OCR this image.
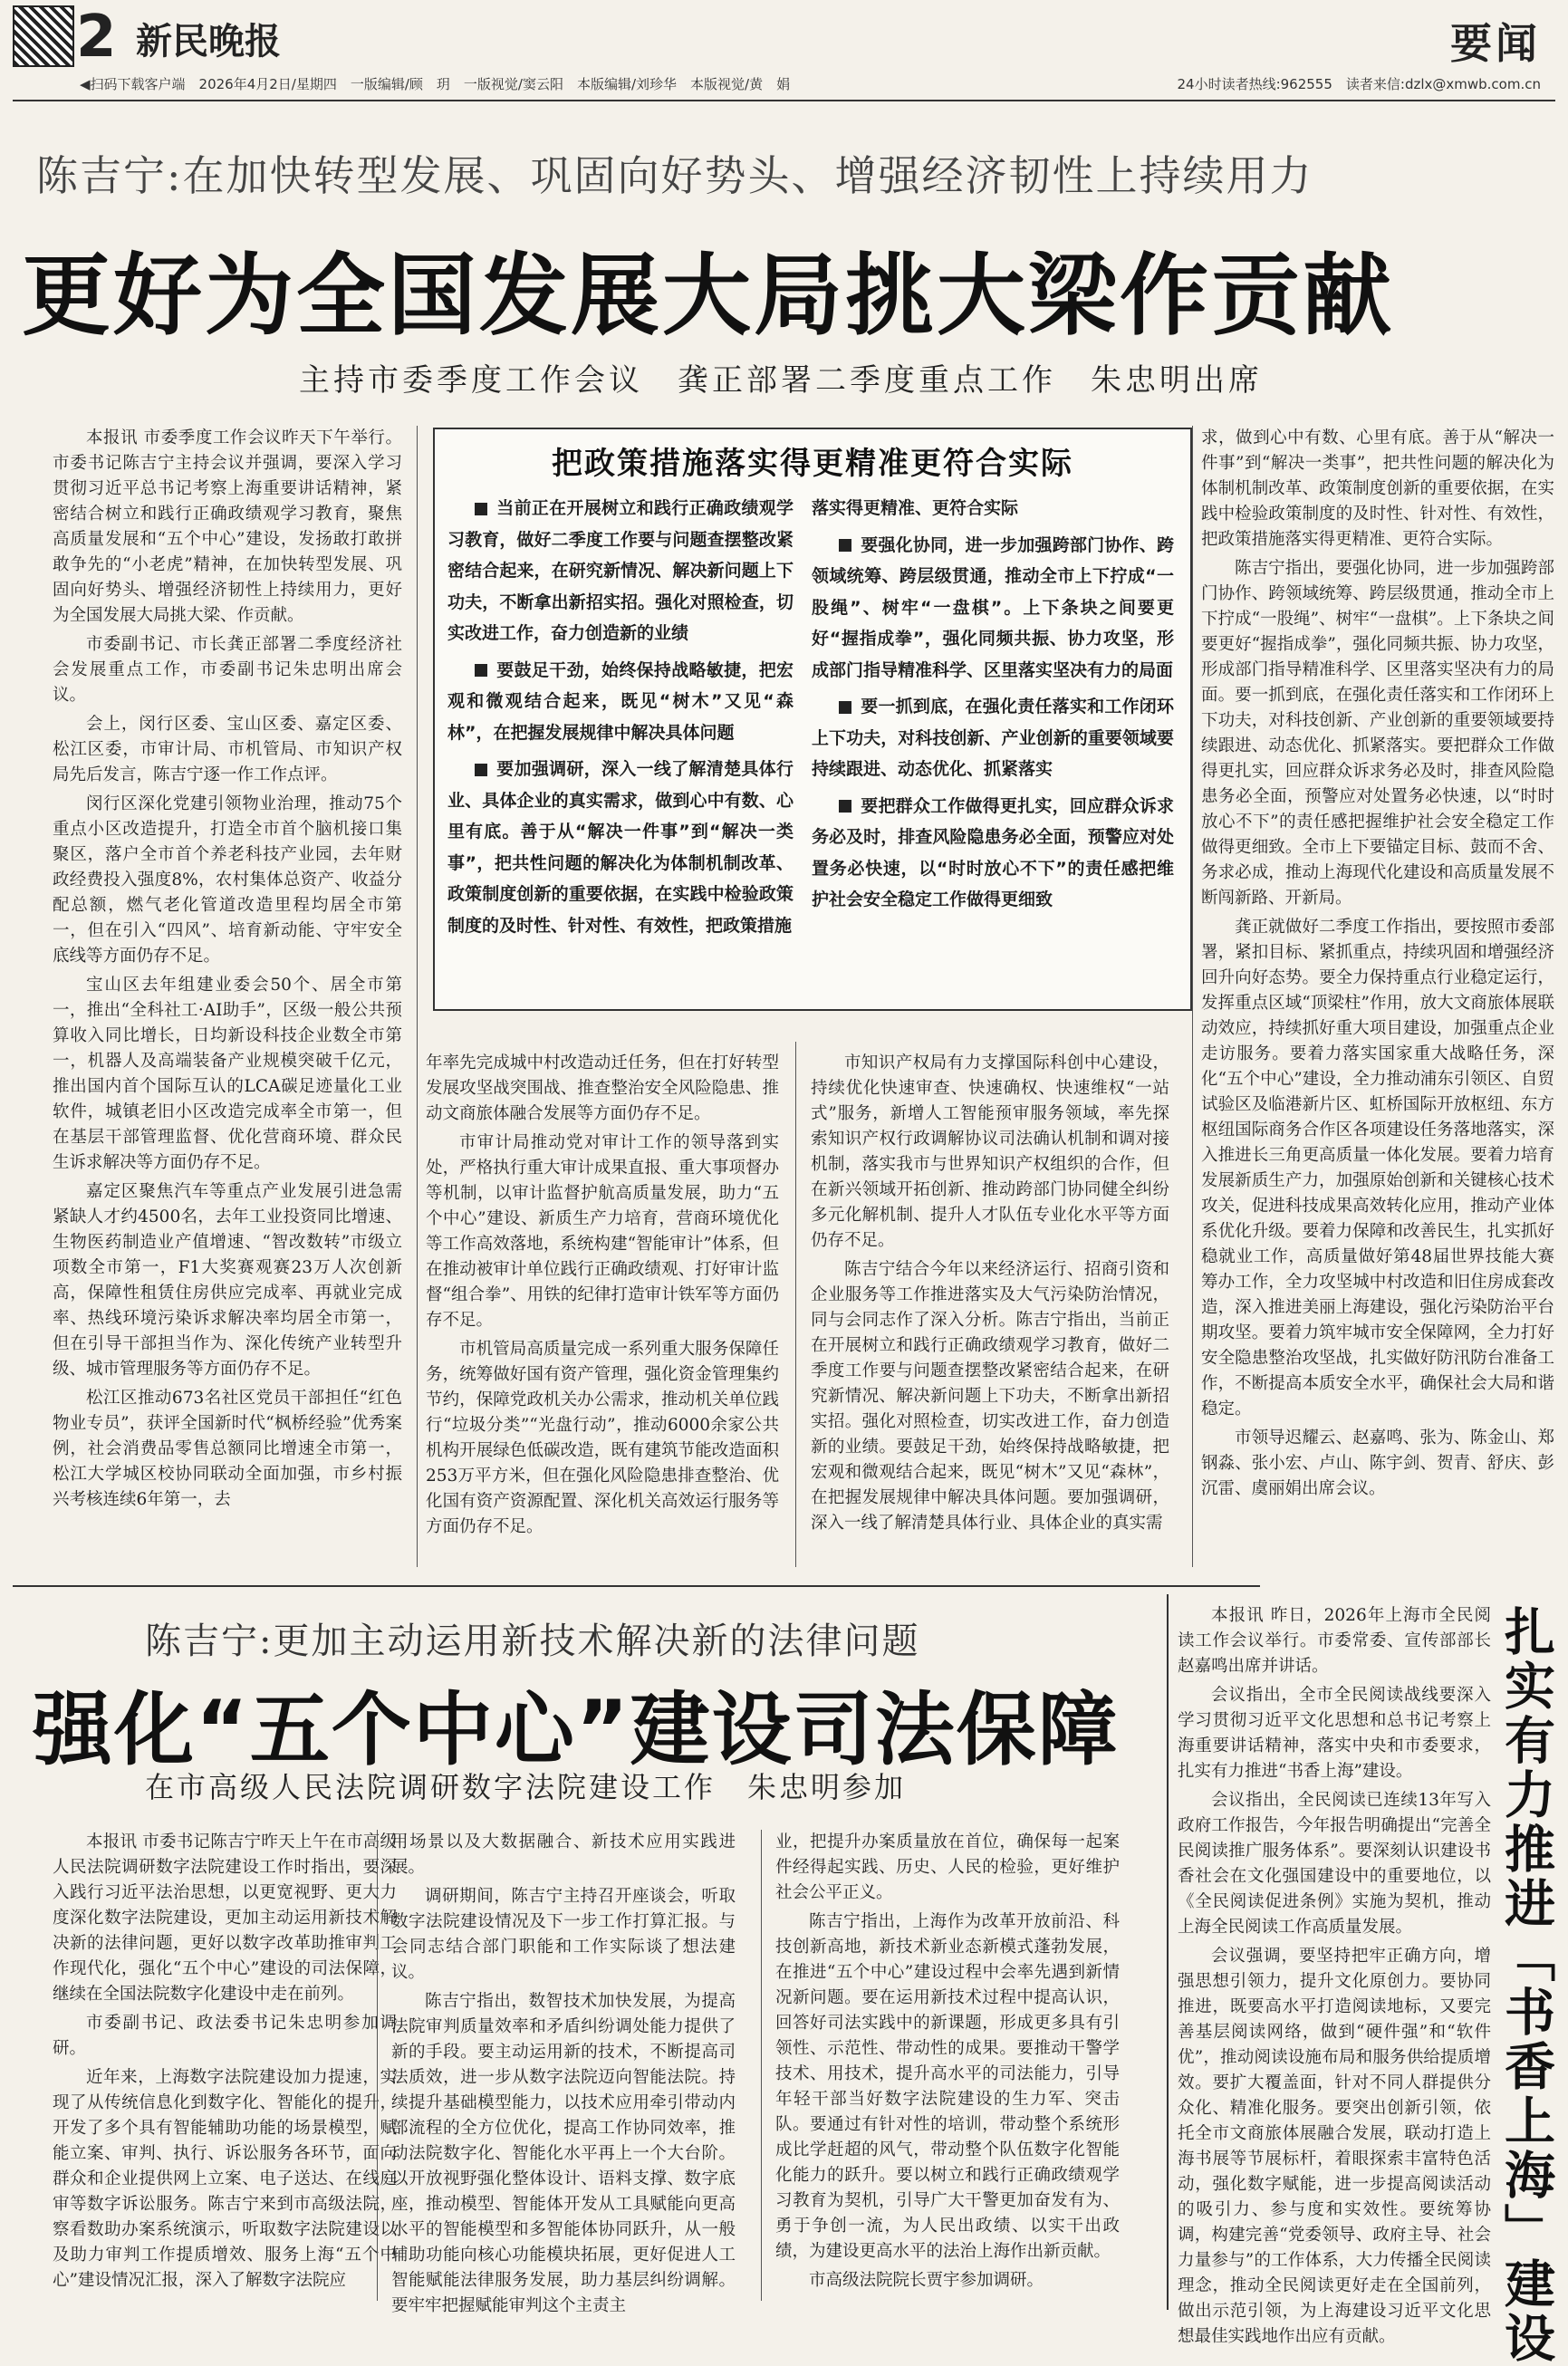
2 新民晚报	要闻
◀扫码下载客户端　2026年4月2日/星期四　一版编辑/顾　玥　一版视觉/窦云阳　本版编辑/刘珍华　本版视觉/黄　娟	24小时读者热线:962555　读者来信:dzlx@xmwb.com.cn
陈吉宁:在加快转型发展、巩固向好势头、增强经济韧性上持续用力
更好为全国发展大局挑大梁作贡献
主持市委季度工作会议　龚正部署二季度重点工作　朱忠明出席

本报讯 市委季度工作会议昨天下午举行。市委书记陈吉宁主持会议并强调，要深入学习贯彻习近平总书记考察上海重要讲话精神，紧密结合树立和践行正确政绩观学习教育，聚焦高质量发展和“五个中心”建设，发扬敢打敢拼敢争先的“小老虎”精神，在加快转型发展、巩固向好势头、增强经济韧性上持续用力，更好为全国发展大局挑大梁、作贡献。

市委副书记、市长龚正部署二季度经济社会发展重点工作，市委副书记朱忠明出席会议。

会上，闵行区委、宝山区委、嘉定区委、松江区委，市审计局、市机管局、市知识产权局先后发言，陈吉宁逐一作工作点评。

闵行区深化党建引领物业治理，推动75个重点小区改造提升，打造全市首个脑机接口集聚区，落户全市首个养老科技产业园，去年财政经费投入强度8%，农村集体总资产、收益分配总额，燃气老化管道改造里程均居全市第一，但在引入“四风”、培育新动能、守牢安全底线等方面仍存不足。

宝山区去年组建业委会50个、居全市第一，推出“全科社工·AI助手”，区级一般公共预算收入同比增长，日均新设科技企业数全市第一，机器人及高端装备产业规模突破千亿元，推出国内首个国际互认的LCA碳足迹量化工业软件，城镇老旧小区改造完成率全市第一，但在基层干部管理监督、优化营商环境、群众民生诉求解决等方面仍存不足。

嘉定区聚焦汽车等重点产业发展引进急需紧缺人才约4500名，去年工业投资同比增速、生物医药制造业产值增速、“智改数转”市级立项数全市第一，F1大奖赛观赛23万人次创新高，保障性租赁住房供应完成率、再就业完成率、热线环境污染诉求解决率均居全市第一，但在引导干部担当作为、深化传统产业转型升级、城市管理服务等方面仍存不足。

松江区推动673名社区党员干部担任“红色物业专员”，获评全国新时代“枫桥经验”优秀案例，社会消费品零售总额同比增速全市第一，松江大学城区校协同联动全面加强，市乡村振兴考核连续6年第一，去

把政策措施落实得更精准更符合实际

当前正在开展树立和践行正确政绩观学习教育，做好二季度工作要与问题查摆整改紧密结合起来，在研究新情况、解决新问题上下功夫，不断拿出新招实招。强化对照检查，切实改进工作，奋力创造新的业绩

要鼓足干劲，始终保持战略敏捷，把宏观和微观结合起来，既见“树木”又见“森林”，在把握发展规律中解决具体问题

要加强调研，深入一线了解清楚具体行业、具体企业的真实需求，做到心中有数、心里有底。善于从“解决一件事”到“解决一类事”，把共性问题的解决化为体制机制改革、政策制度创新的重要依据，在实践中检验政策制度的及时性、针对性、有效性，把政策措施

落实得更精准、更符合实际

要强化协同，进一步加强跨部门协作、跨领域统筹、跨层级贯通，推动全市上下拧成“一股绳”、树牢“一盘棋”。上下条块之间要更好“握指成拳”，强化同频共振、协力攻坚，形成部门指导精准科学、区里落实坚决有力的局面

要一抓到底，在强化责任落实和工作闭环上下功夫，对科技创新、产业创新的重要领域要持续跟进、动态优化、抓紧落实

要把群众工作做得更扎实，回应群众诉求务必及时，排查风险隐患务必全面，预警应对处置务必快速，以“时时放心不下”的责任感把维护社会安全稳定工作做得更细致

年率先完成城中村改造动迁任务，但在打好转型发展攻坚战突围战、推查整治安全风险隐患、推动文商旅体融合发展等方面仍存不足。

市审计局推动党对审计工作的领导落到实处，严格执行重大审计成果直报、重大事项督办等机制，以审计监督护航高质量发展，助力“五个中心”建设、新质生产力培育，营商环境优化等工作高效落地，系统构建“智能审计”体系，但在推动被审计单位践行正确政绩观、打好审计监督“组合拳”、用铁的纪律打造审计铁军等方面仍存不足。

市机管局高质量完成一系列重大服务保障任务，统筹做好国有资产管理，强化资金管理集约节约，保障党政机关办公需求，推动机关单位践行“垃圾分类”“光盘行动”，推动6000余家公共机构开展绿色低碳改造，既有建筑节能改造面积253万平方米，但在强化风险隐患排查整治、优化国有资产资源配置、深化机关高效运行服务等方面仍存不足。

市知识产权局有力支撑国际科创中心建设，持续优化快速审查、快速确权、快速维权“一站式”服务，新增人工智能预审服务领域，率先探索知识产权行政调解协议司法确认机制和调对接机制，落实我市与世界知识产权组织的合作，但在新兴领域开拓创新、推动跨部门协同健全纠纷多元化解机制、提升人才队伍专业化水平等方面仍存不足。

陈吉宁结合今年以来经济运行、招商引资和企业服务等工作推进落实及大气污染防治情况，同与会同志作了深入分析。陈吉宁指出，当前正在开展树立和践行正确政绩观学习教育，做好二季度工作要与问题查摆整改紧密结合起来，在研究新情况、解决新问题上下功夫，不断拿出新招实招。强化对照检查，切实改进工作，奋力创造新的业绩。要鼓足干劲，始终保持战略敏捷，把宏观和微观结合起来，既见“树木”又见“森林”，在把握发展规律中解决具体问题。要加强调研，深入一线了解清楚具体行业、具体企业的真实需

求，做到心中有数、心里有底。善于从“解决一件事”到“解决一类事”，把共性问题的解决化为体制机制改革、政策制度创新的重要依据，在实践中检验政策制度的及时性、针对性、有效性，把政策措施落实得更精准、更符合实际。

陈吉宁指出，要强化协同，进一步加强跨部门协作、跨领域统筹、跨层级贯通，推动全市上下拧成“一股绳”、树牢“一盘棋”。上下条块之间要更好“握指成拳”，强化同频共振、协力攻坚，形成部门指导精准科学、区里落实坚决有力的局面。要一抓到底，在强化责任落实和工作闭环上下功夫，对科技创新、产业创新的重要领域要持续跟进、动态优化、抓紧落实。要把群众工作做得更扎实，回应群众诉求务必及时，排查风险隐患务必全面，预警应对处置务必快速，以“时时放心不下”的责任感把握维护社会安全稳定工作做得更细致。全市上下要锚定目标、鼓而不舍、务求必成，推动上海现代化建设和高质量发展不断闯新路、开新局。

龚正就做好二季度工作指出，要按照市委部署，紧扣目标、紧抓重点，持续巩固和增强经济回升向好态势。要全力保持重点行业稳定运行，发挥重点区域“顶梁柱”作用，放大文商旅体展联动效应，持续抓好重大项目建设，加强重点企业走访服务。要着力落实国家重大战略任务，深化“五个中心”建设，全力推动浦东引领区、自贸试验区及临港新片区、虹桥国际开放枢纽、东方枢纽国际商务合作区各项建设任务落地落实，深入推进长三角更高质量一体化发展。要着力培育发展新质生产力，加强原始创新和关键核心技术攻关，促进科技成果高效转化应用，推动产业体系优化升级。要着力保障和改善民生，扎实抓好稳就业工作，高质量做好第48届世界技能大赛筹办工作，全力攻坚城中村改造和旧住房成套改造，深入推进美丽上海建设，强化污染防治平台期攻坚。要着力筑牢城市安全保障网，全力打好安全隐患整治攻坚战，扎实做好防汛防台准备工作，不断提高本质安全水平，确保社会大局和谐稳定。

市领导迟耀云、赵嘉鸣、张为、陈金山、郑钢淼、张小宏、卢山、陈宇剑、贺青、舒庆、彭沉雷、虞丽娟出席会议。

陈吉宁:更加主动运用新技术解决新的法律问题
强化“五个中心”建设司法保障
在市高级人民法院调研数字法院建设工作　朱忠明参加

本报讯 市委书记陈吉宁昨天上午在市高级人民法院调研数字法院建设工作时指出，要深入践行习近平法治思想，以更宽视野、更大力度深化数字法院建设，更加主动运用新技术解决新的法律问题，更好以数字改革助推审判工作现代化，强化“五个中心”建设的司法保障，继续在全国法院数字化建设中走在前列。

市委副书记、政法委书记朱忠明参加调研。

近年来，上海数字法院建设加力提速，实现了从传统信息化到数字化、智能化的提升，开发了多个具有智能辅助功能的场景模型，赋能立案、审判、执行、诉讼服务各环节，面向群众和企业提供网上立案、电子送达、在线庭审等数字诉讼服务。陈吉宁来到市高级法院，察看数助办案系统演示，听取数字法院建设以及助力审判工作提质增效、服务上海“五个中心”建设情况汇报，深入了解数字法院应

用场景以及大数据融合、新技术应用实践进展。

调研期间，陈吉宁主持召开座谈会，听取数字法院建设情况及下一步工作打算汇报。与会同志结合部门职能和工作实际谈了想法建议。

陈吉宁指出，数智技术加快发展，为提高法院审判质量效率和矛盾纠纷调处能力提供了新的手段。要主动运用新的技术，不断提高司法质效，进一步从数字法院迈向智能法院。持续提升基础模型能力，以技术应用牵引带动内部流程的全方位优化，提高工作协同效率，推动法院数字化、智能化水平再上一个大台阶。以开放视野强化整体设计、语料支撑、数字底座，推动模型、智能体开发从工具赋能向更高水平的智能模型和多智能体协同跃升，从一般辅助功能向核心功能模块拓展，更好促进人工智能赋能法律服务发展，助力基层纠纷调解。要牢牢把握赋能审判这个主责主

业，把提升办案质量放在首位，确保每一起案件经得起实践、历史、人民的检验，更好维护社会公平正义。

陈吉宁指出，上海作为改革开放前沿、科技创新高地，新技术新业态新模式蓬勃发展，在推进“五个中心”建设过程中会率先遇到新情况新问题。要在运用新技术过程中提高认识，回答好司法实践中的新课题，形成更多具有引领性、示范性、带动性的成果。要推动干警学技术、用技术，提升高水平的司法能力，引导年轻干部当好数字法院建设的生力军、突击队。要通过有针对性的培训，带动整个系统形成比学赶超的风气，带动整个队伍数字化智能化能力的跃升。要以树立和践行正确政绩观学习教育为契机，引导广大干警更加奋发有为、勇于争创一流，为人民出政绩、以实干出政绩，为建设更高水平的法治上海作出新贡献。

市高级法院院长贾宇参加调研。

本报讯 昨日，2026年上海市全民阅读工作会议举行。市委常委、宣传部部长赵嘉鸣出席并讲话。

会议指出，全市全民阅读战线要深入学习贯彻习近平文化思想和总书记考察上海重要讲话精神，落实中央和市委要求，扎实有力推进“书香上海”建设。

会议指出，全民阅读已连续13年写入政府工作报告，今年报告明确提出“完善全民阅读推广服务体系”。要深刻认识建设书香社会在文化强国建设中的重要地位，以《全民阅读促进条例》实施为契机，推动上海全民阅读工作高质量发展。

会议强调，要坚持把牢正确方向，增强思想引领力，提升文化原创力。要协同推进，既要高水平打造阅读地标，又要完善基层阅读网络，做到“硬件强”和“软件优”，推动阅读设施布局和服务供给提质增效。要扩大覆盖面，针对不同人群提供分众化、精准化服务。要突出创新引领，依托全市文商旅体展融合发展，联动打造上海书展等节展标杆，着眼探索丰富特色活动，强化数字赋能，进一步提高阅读活动的吸引力、参与度和实效性。要统筹协调，构建完善“党委领导、政府主导、社会力量参与”的工作体系，大力传播全民阅读理念，推动全民阅读更好走在全国前列，做出示范引领，为上海建设习近平文化思想最佳实践地作出应有贡献。	扎实有力推进「书香上海」建设
